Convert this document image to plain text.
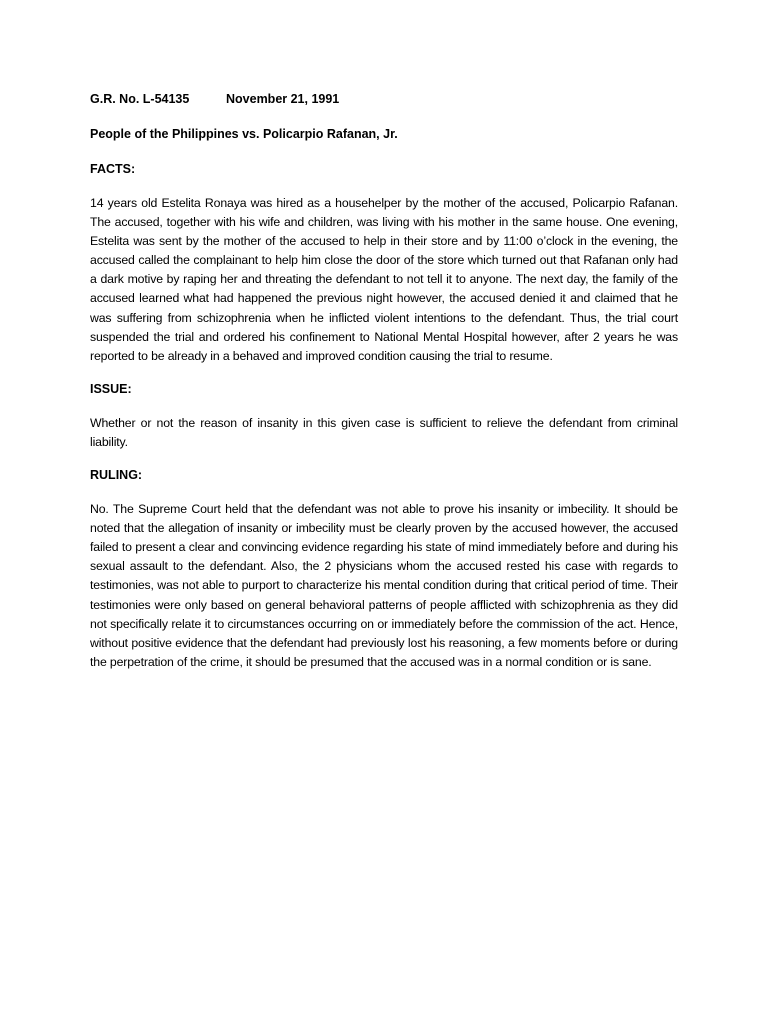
G.R. No. L-54135	November 21, 1991
People of the Philippines vs. Policarpio Rafanan, Jr.
FACTS:

14 years old Estelita Ronaya was hired as a househelper by the mother of the accused, Policarpio Rafanan. The accused, together with his wife and children, was living with his mother in the same house. One evening, Estelita was sent by the mother of the accused to help in their store and by 11:00 o’clock in the evening, the accused called the complainant to help him close the door of the store which turned out that Rafanan only had a dark motive by raping her and threating the defendant to not tell it to anyone. The next day, the family of the accused learned what had happened the previous night however, the accused denied it and claimed that he was suffering from schizophrenia when he inflicted violent intentions to the defendant. Thus, the trial court suspended the trial and ordered his confinement to National Mental Hospital however, after 2 years he was reported to be already in a behaved and improved condition causing the trial to resume.

ISSUE:

Whether or not the reason of insanity in this given case is sufficient to relieve the defendant from criminal liability.

RULING:

No. The Supreme Court held that the defendant was not able to prove his insanity or imbecility. It should be noted that the allegation of insanity or imbecility must be clearly proven by the accused however, the accused failed to present a clear and convincing evidence regarding his state of mind immediately before and during his sexual assault to the defendant. Also, the 2 physicians whom the accused rested his case with regards to testimonies, was not able to purport to characterize his mental condition during that critical period of time. Their testimonies were only based on general behavioral patterns of people afflicted with schizophrenia as they did not specifically relate it to circumstances occurring on or immediately before the commission of the act. Hence, without positive evidence that the defendant had previously lost his reasoning, a few moments before or during the perpetration of the crime, it should be presumed that the accused was in a normal condition or is sane.
